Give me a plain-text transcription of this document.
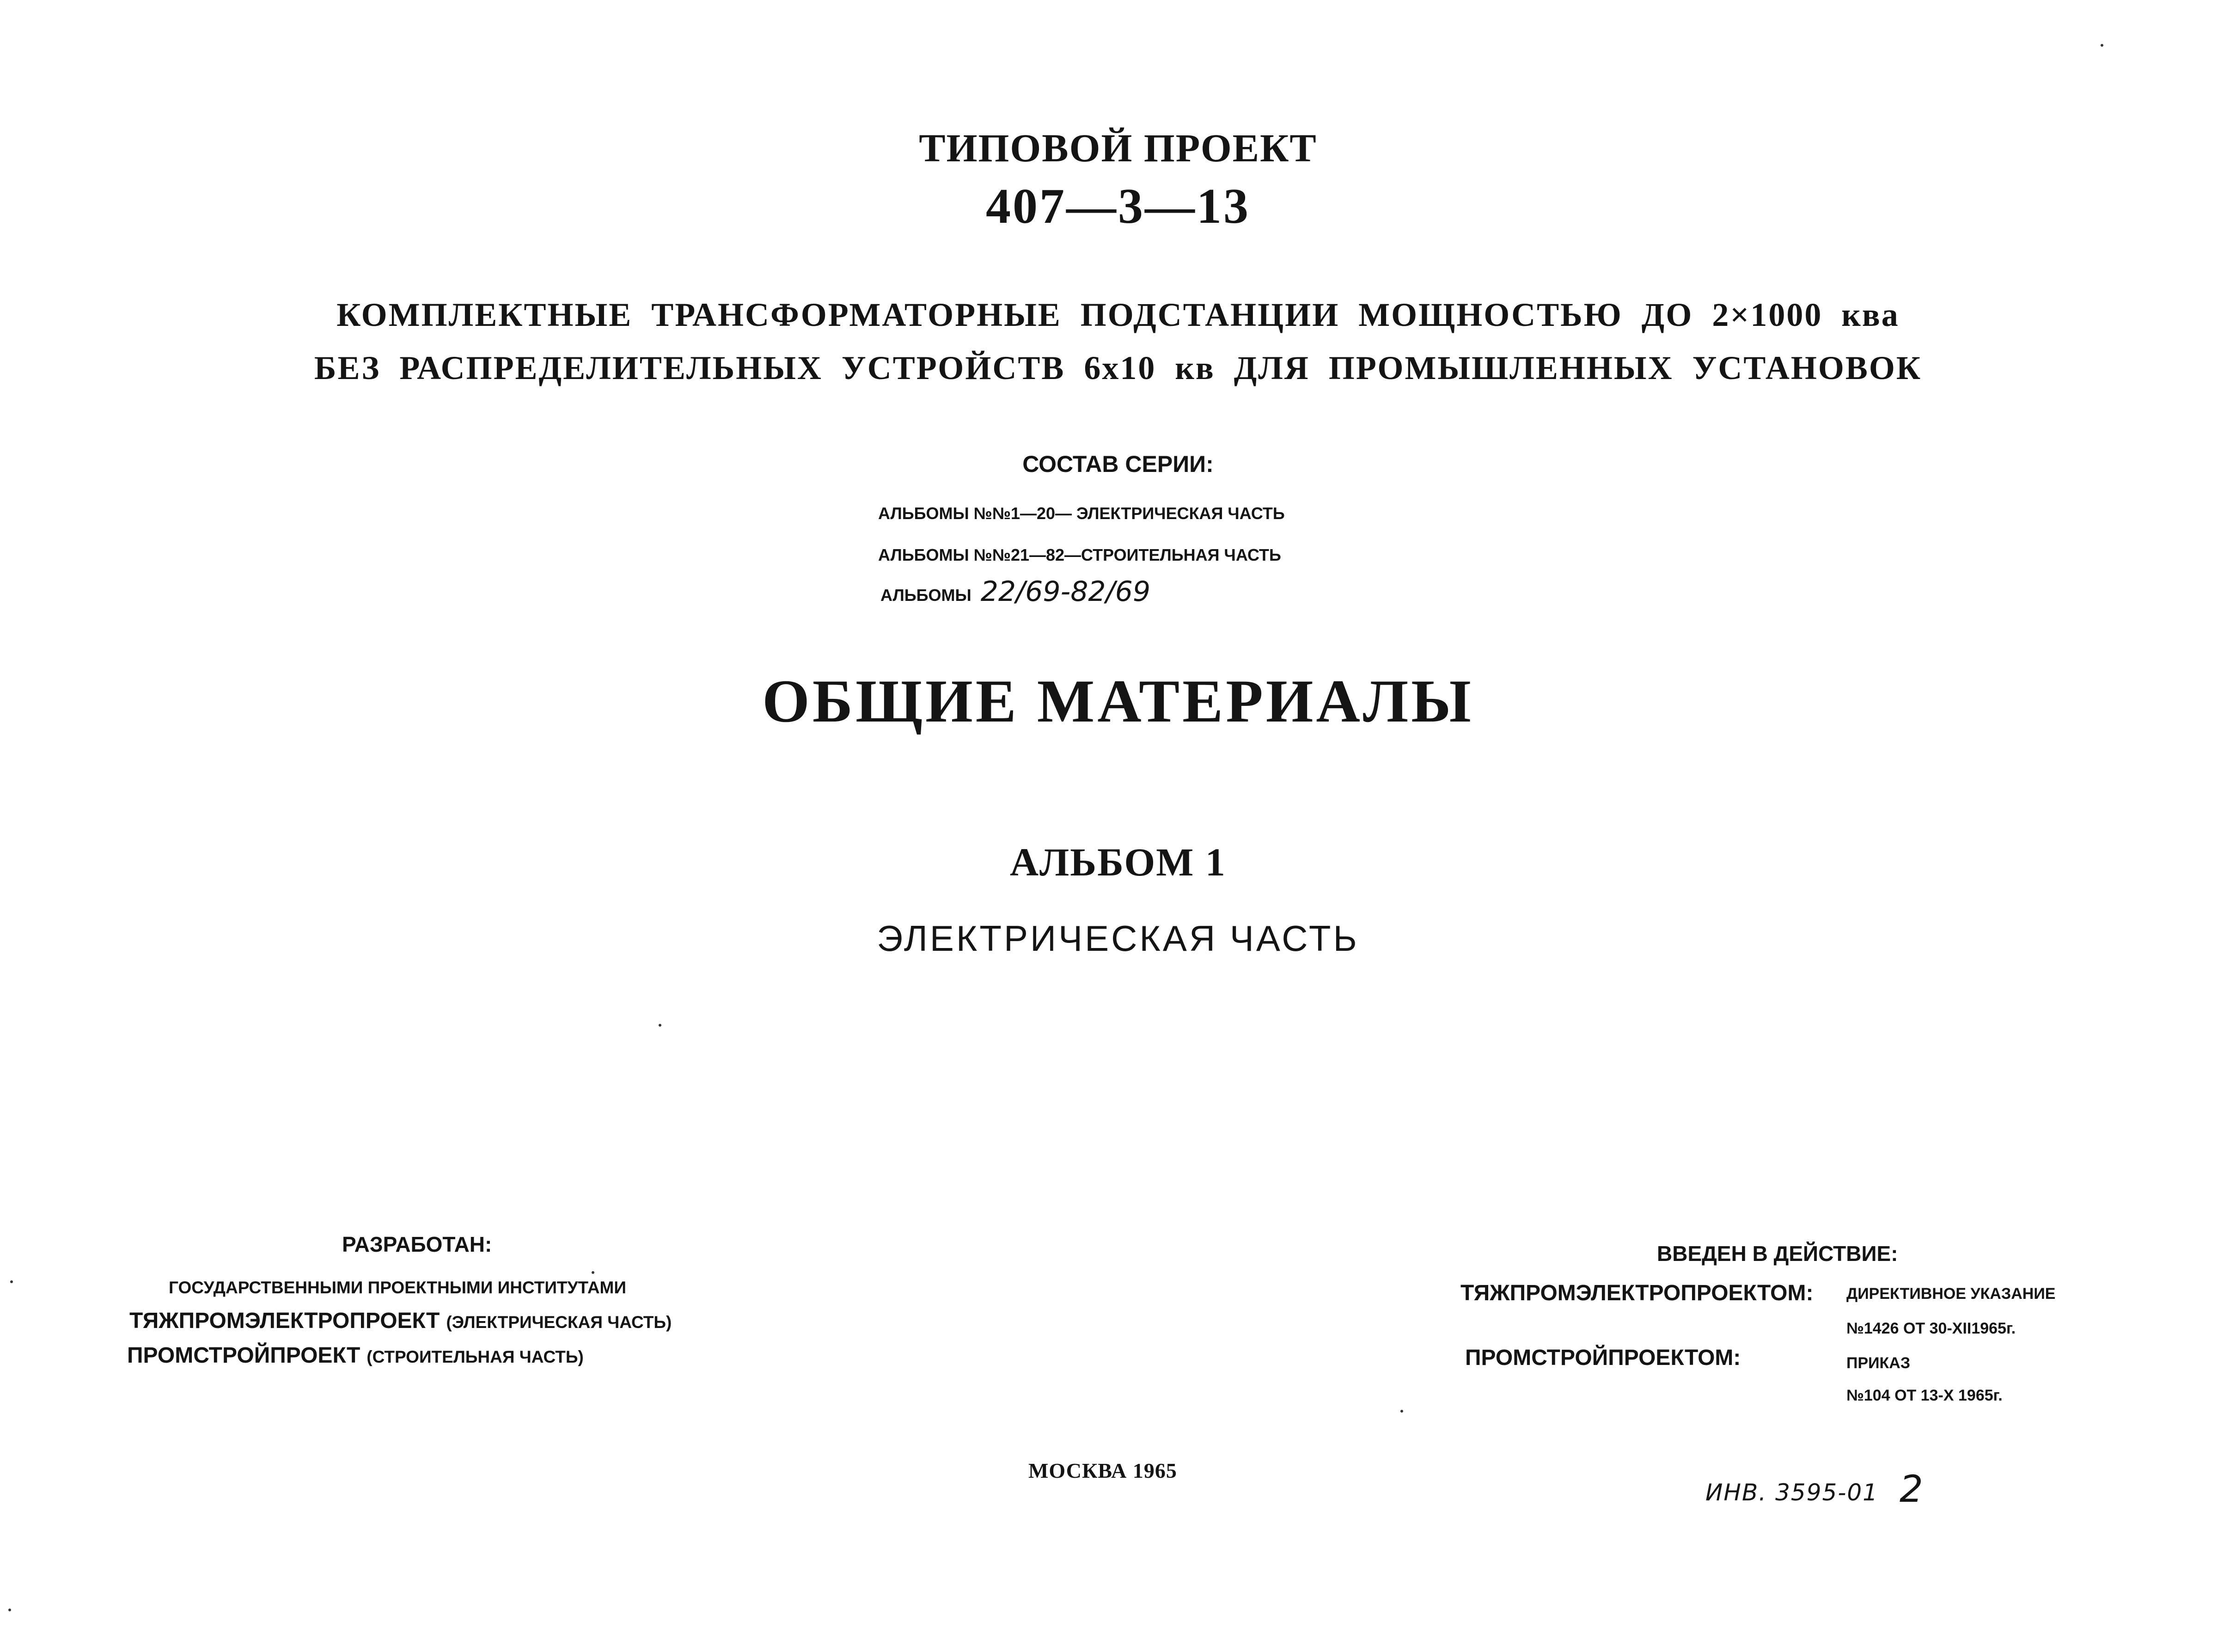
ТИПОВОЙ ПРОЕКТ
407—3—13
КОМПЛЕКТНЫЕ ТРАНСФОРМАТОРНЫЕ ПОДСТАНЦИИ МОЩНОСТЬЮ ДО 2×1000 ква
БЕЗ РАСПРЕДЕЛИТЕЛЬНЫХ УСТРОЙСТВ 6х10 кв ДЛЯ ПРОМЫШЛЕННЫХ УСТАНОВОК
СОСТАВ СЕРИИ:
АЛЬБОМЫ №№1—20— ЭЛЕКТРИЧЕСКАЯ ЧАСТЬ
АЛЬБОМЫ №№21—82—СТРОИТЕЛЬНАЯ ЧАСТЬ
АЛЬБОМЫ 22/69-82/69
ОБЩИЕ МАТЕРИАЛЫ
АЛЬБОМ 1
ЭЛЕКТРИЧЕСКАЯ ЧАСТЬ
РАЗРАБОТАН:
ГОСУДАРСТВЕННЫМИ ПРОЕКТНЫМИ ИНСТИТУТАМИ
ТЯЖПРОМЭЛЕКТРОПРОЕКТ (ЭЛЕКТРИЧЕСКАЯ ЧАСТЬ)
ПРОМСТРОЙПРОЕКТ (СТРОИТЕЛЬНАЯ ЧАСТЬ)
ВВЕДЕН В ДЕЙСТВИЕ:
ТЯЖПРОМЭЛЕКТРОПРОЕКТОМ: ДИРЕКТИВНОЕ УКАЗАНИЕ
№1426 ОТ 30-XII1965г.
ПРОМСТРОЙПРОЕКТОМ:	ПРИКАЗ
№104 ОТ 13-X 1965г.
МОСКВА 1965
ИНВ. 3595-01 2
